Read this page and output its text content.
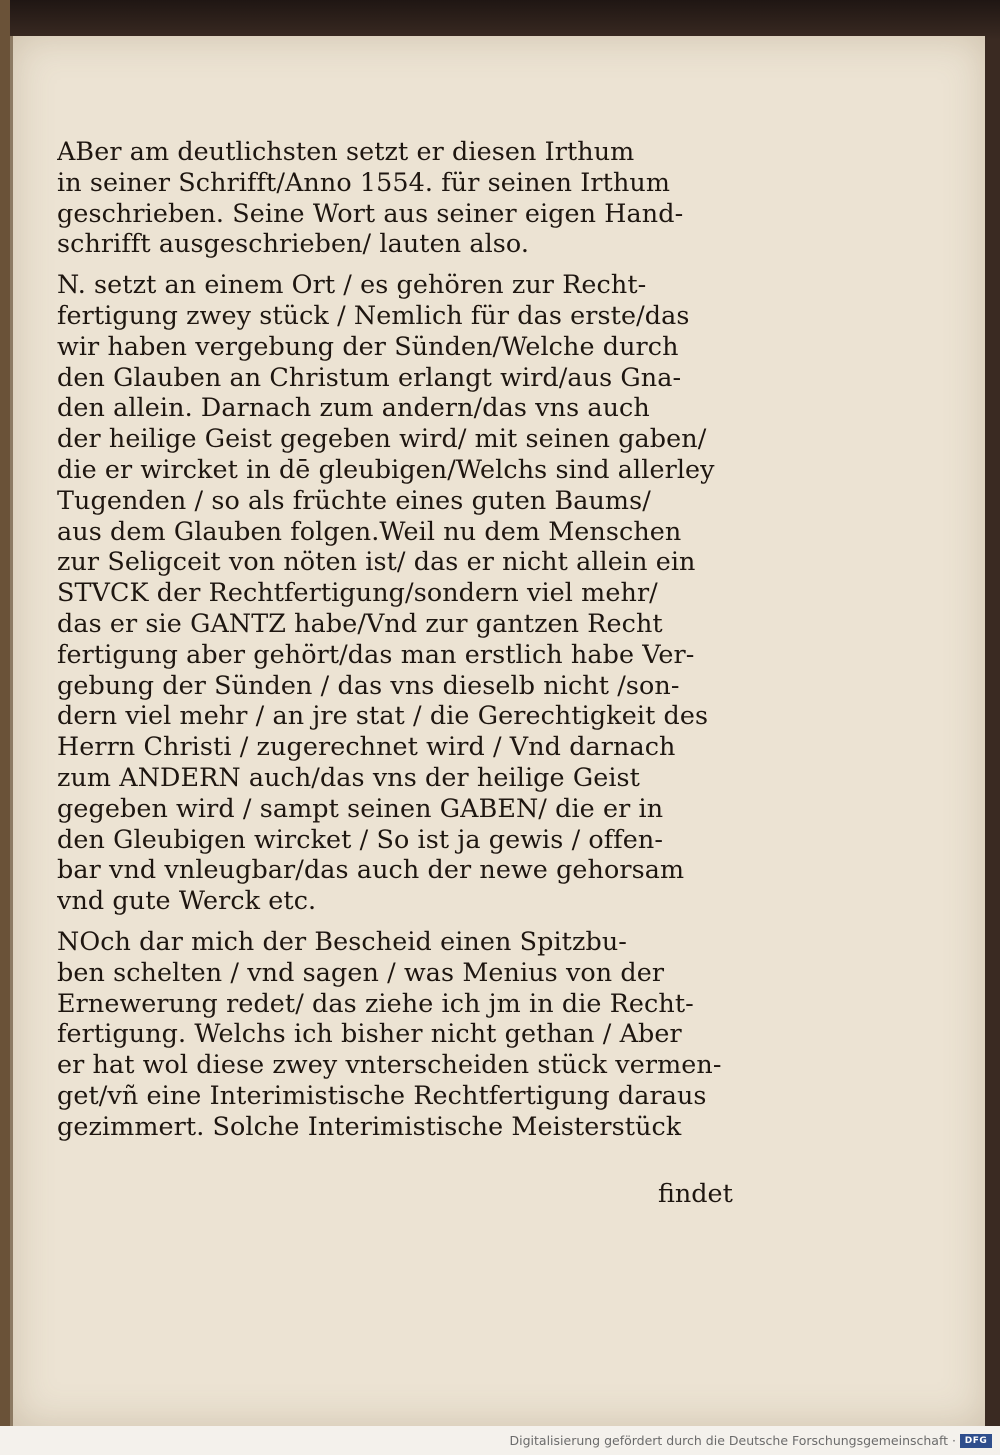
ABer am deutlichsten setzt er diesen Irthum
in seiner Schrifft/Anno 1554. für seinen Irthum
geschrieben. Seine Wort aus seiner eigen Hand-
schrifft ausgeschrieben/ lauten also.
N. setzt an einem Ort / es gehören zur Recht-
fertigung zwey stück / Nemlich für das erste/das
wir haben vergebung der Sünden/Welche durch
den Glauben an Christum erlangt wird/aus Gna-
den allein. Darnach zum andern/das vns auch
der heilige Geist gegeben wird/ mit seinen gaben/
die er wircket in dē gleubigen/Welchs sind allerley
Tugenden / so als früchte eines guten Baums/
aus dem Glauben folgen.Weil nu dem Menschen
zur Seligceit von nöten ist/ das er nicht allein ein
STVCK der Rechtfertigung/sondern viel mehr/
das er sie GANTZ habe/Vnd zur gantzen Recht
fertigung aber gehört/das man erstlich habe Ver-
gebung der Sünden / das vns dieselb nicht /son-
dern viel mehr / an jre stat / die Gerechtigkeit des
Herrn Christi / zugerechnet wird / Vnd darnach
zum ANDERN auch/das vns der heilige Geist
gegeben wird / sampt seinen GABEN/ die er in
den Gleubigen wircket / So ist ja gewis / offen-
bar vnd vnleugbar/das auch der newe gehorsam
vnd gute Werck etc.
NOch dar mich der Bescheid einen Spitzbu-
ben schelten / vnd sagen / was Menius von der
Ernewerung redet/ das ziehe ich jm in die Recht-
fertigung. Welchs ich bisher nicht gethan / Aber
er hat wol diese zwey vnterscheiden stück vermen-
get/vñ eine Interimistische Rechtfertigung daraus
gezimmert. Solche Interimistische Meisterstück
findet
Digitalisierung gefördert durch die Deutsche Forschungsgemeinschaft · DFG
